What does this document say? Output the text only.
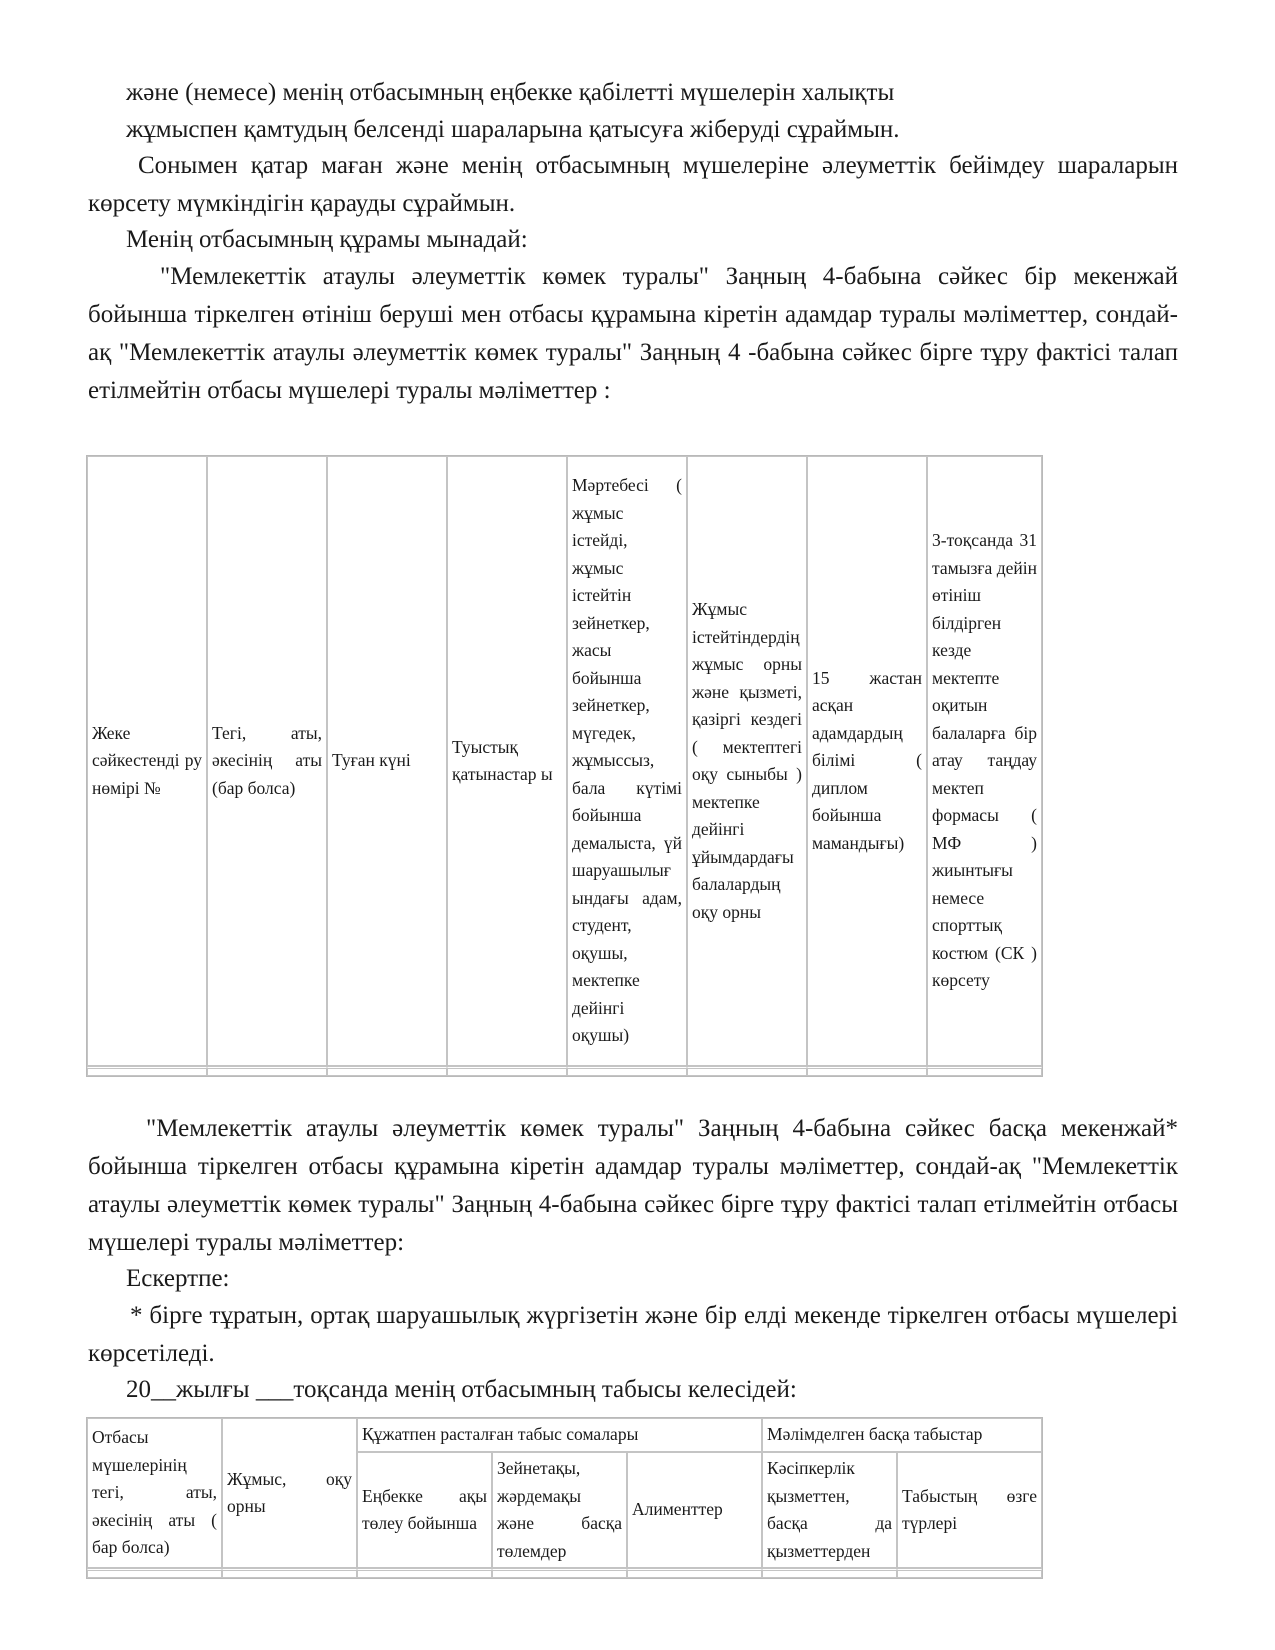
және (немесе) менің отбасымның еңбекке қабілетті мүшелерін халықты
жұмыспен қамтудың белсенді шараларына қатысуға жіберуді сұраймын.

Сонымен қатар маған және менің отбасымның мүшелеріне әлеуметтік бейімдеу шараларын көрсету мүмкіндігін қарауды сұраймын.

Менің отбасымның құрамы мынадай:

"Мемлекеттік атаулы әлеуметтік көмек туралы" Заңның 4-бабына сәйкес бір мекенжай бойынша тіркелген өтініш беруші мен отбасы құрамына кіретін адамдар туралы мәліметтер, сондай-ақ "Мемлекеттік атаулы әлеуметтік көмек туралы" Заңның 4 -бабына сәйкес бірге тұру фактісі талап етілмейтін отбасы мүшелері туралы мәліметтер :

Жеке сәйкестенді ру нөмірі №	Тегі, аты, әкесінің аты (бар болса)	Туған күні	Туыстық қатынастар ы	Мәртебесі ( жұмыс істейді, жұмыс істейтін зейнеткер, жасы бойынша зейнеткер, мүгедек, жұмыссыз, бала күтімі бойынша демалыста, үй шаруашылығындағы адам, студент, оқушы, мектепке дейінгі оқушы)	Жұмыс істейтіндердің жұмыс орны және қызметі, қазіргі кездегі ( мектептегі оқу сыныбы ) мектепке дейінгі ұйымдардағы балалардың оқу орны	15 жастан асқан адамдардың білімі ( диплом бойынша мамандығы)	3-тоқсанда 31 тамызға дейін өтініш білдірген кезде мектепте оқитын балаларға бір атау таңдау мектеп формасы ( МФ ) жиынтығы немесе спорттық костюм (СК ) көрсету

"Мемлекеттік атаулы әлеуметтік көмек туралы" Заңның 4-бабына сәйкес басқа мекенжай* бойынша тіркелген отбасы құрамына кіретін адамдар туралы мәліметтер, сондай-ақ "Мемлекеттік атаулы әлеуметтік көмек туралы" Заңның 4-бабына сәйкес бірге тұру фактісі талап етілмейтін отбасы мүшелері туралы мәліметтер:

Ескертпе:

* бірге тұратын, ортақ шаруашылық жүргізетін және бір елді мекенде тіркелген отбасы мүшелері көрсетіледі.

20__жылғы ___тоқсанда менің отбасымның табысы келесідей:
Отбасы мүшелерінің тегі, аты, әкесінің аты ( бар болса)	Жұмыс, оқу орны	Құжатпен расталған табыс сомалары			Мәлімделген басқа табыстар	
		Еңбекке ақы төлеу бойынша	Зейнетақы, жәрдемақы және басқа төлемдер	Алименттер	Кәсіпкерлік қызметтен, басқа да қызметтерден	Табыстың өзге түрлері
